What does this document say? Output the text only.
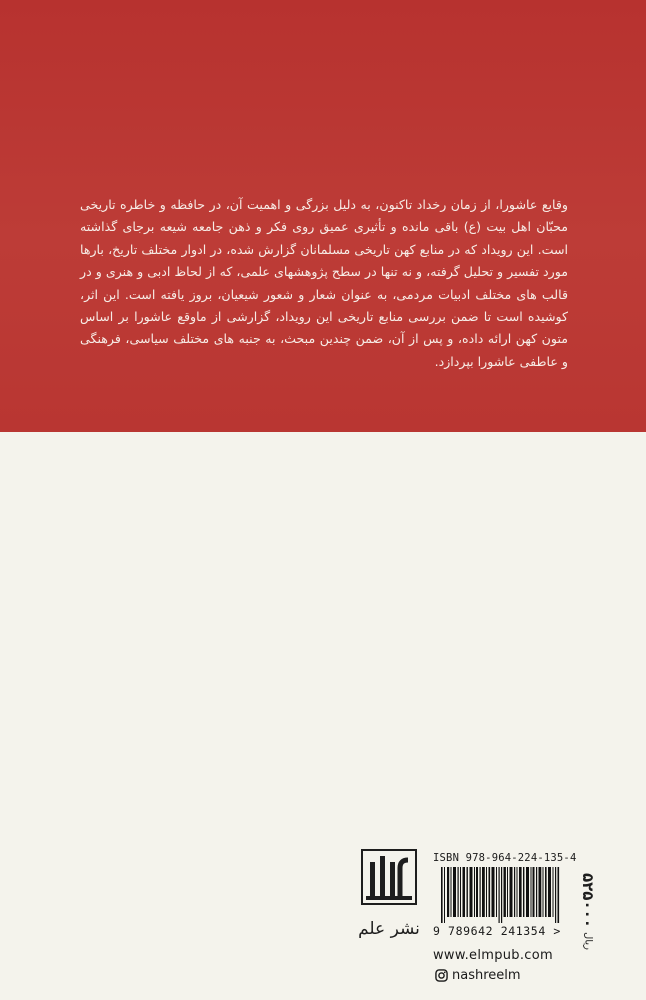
وقایع عاشورا، از زمان رخداد تاکنون، به دلیل بزرگی و اهمیت آن، در حافظه و خاطره تاریخی محبّان اهل بیت (ع) باقی مانده و تأثیری عمیق روی فکر و ذهن جامعه شیعه برجای گذاشته است. این رویداد که در منابع کهن تاریخی مسلمانان گزارش شده، در ادوار مختلف تاریخ، بارها مورد تفسیر و تحلیل گرفته، و نه تنها در سطح پژوهشهای علمی، که از لحاظ ادبی و هنری و در قالب های مختلف ادبیات مردمی، به عنوان شعار و شعور شیعیان، بروز یافته است. این اثر، کوشیده است تا ضمن بررسی منابع تاریخی این رویداد، گزارشی از ماوقع عاشورا بر اساس متون کهن ارائه داده، و پس از آن، ضمن چندین مبحث، به جنبه های مختلف سیاسی، فرهنگی و عاطفی عاشورا بپردازد.

نشر علم
ISBN 978-964-224-135-4
9 789642 241354 >
۵۲۵۰۰۰
ریال
www.elmpub.com
nashreelm
